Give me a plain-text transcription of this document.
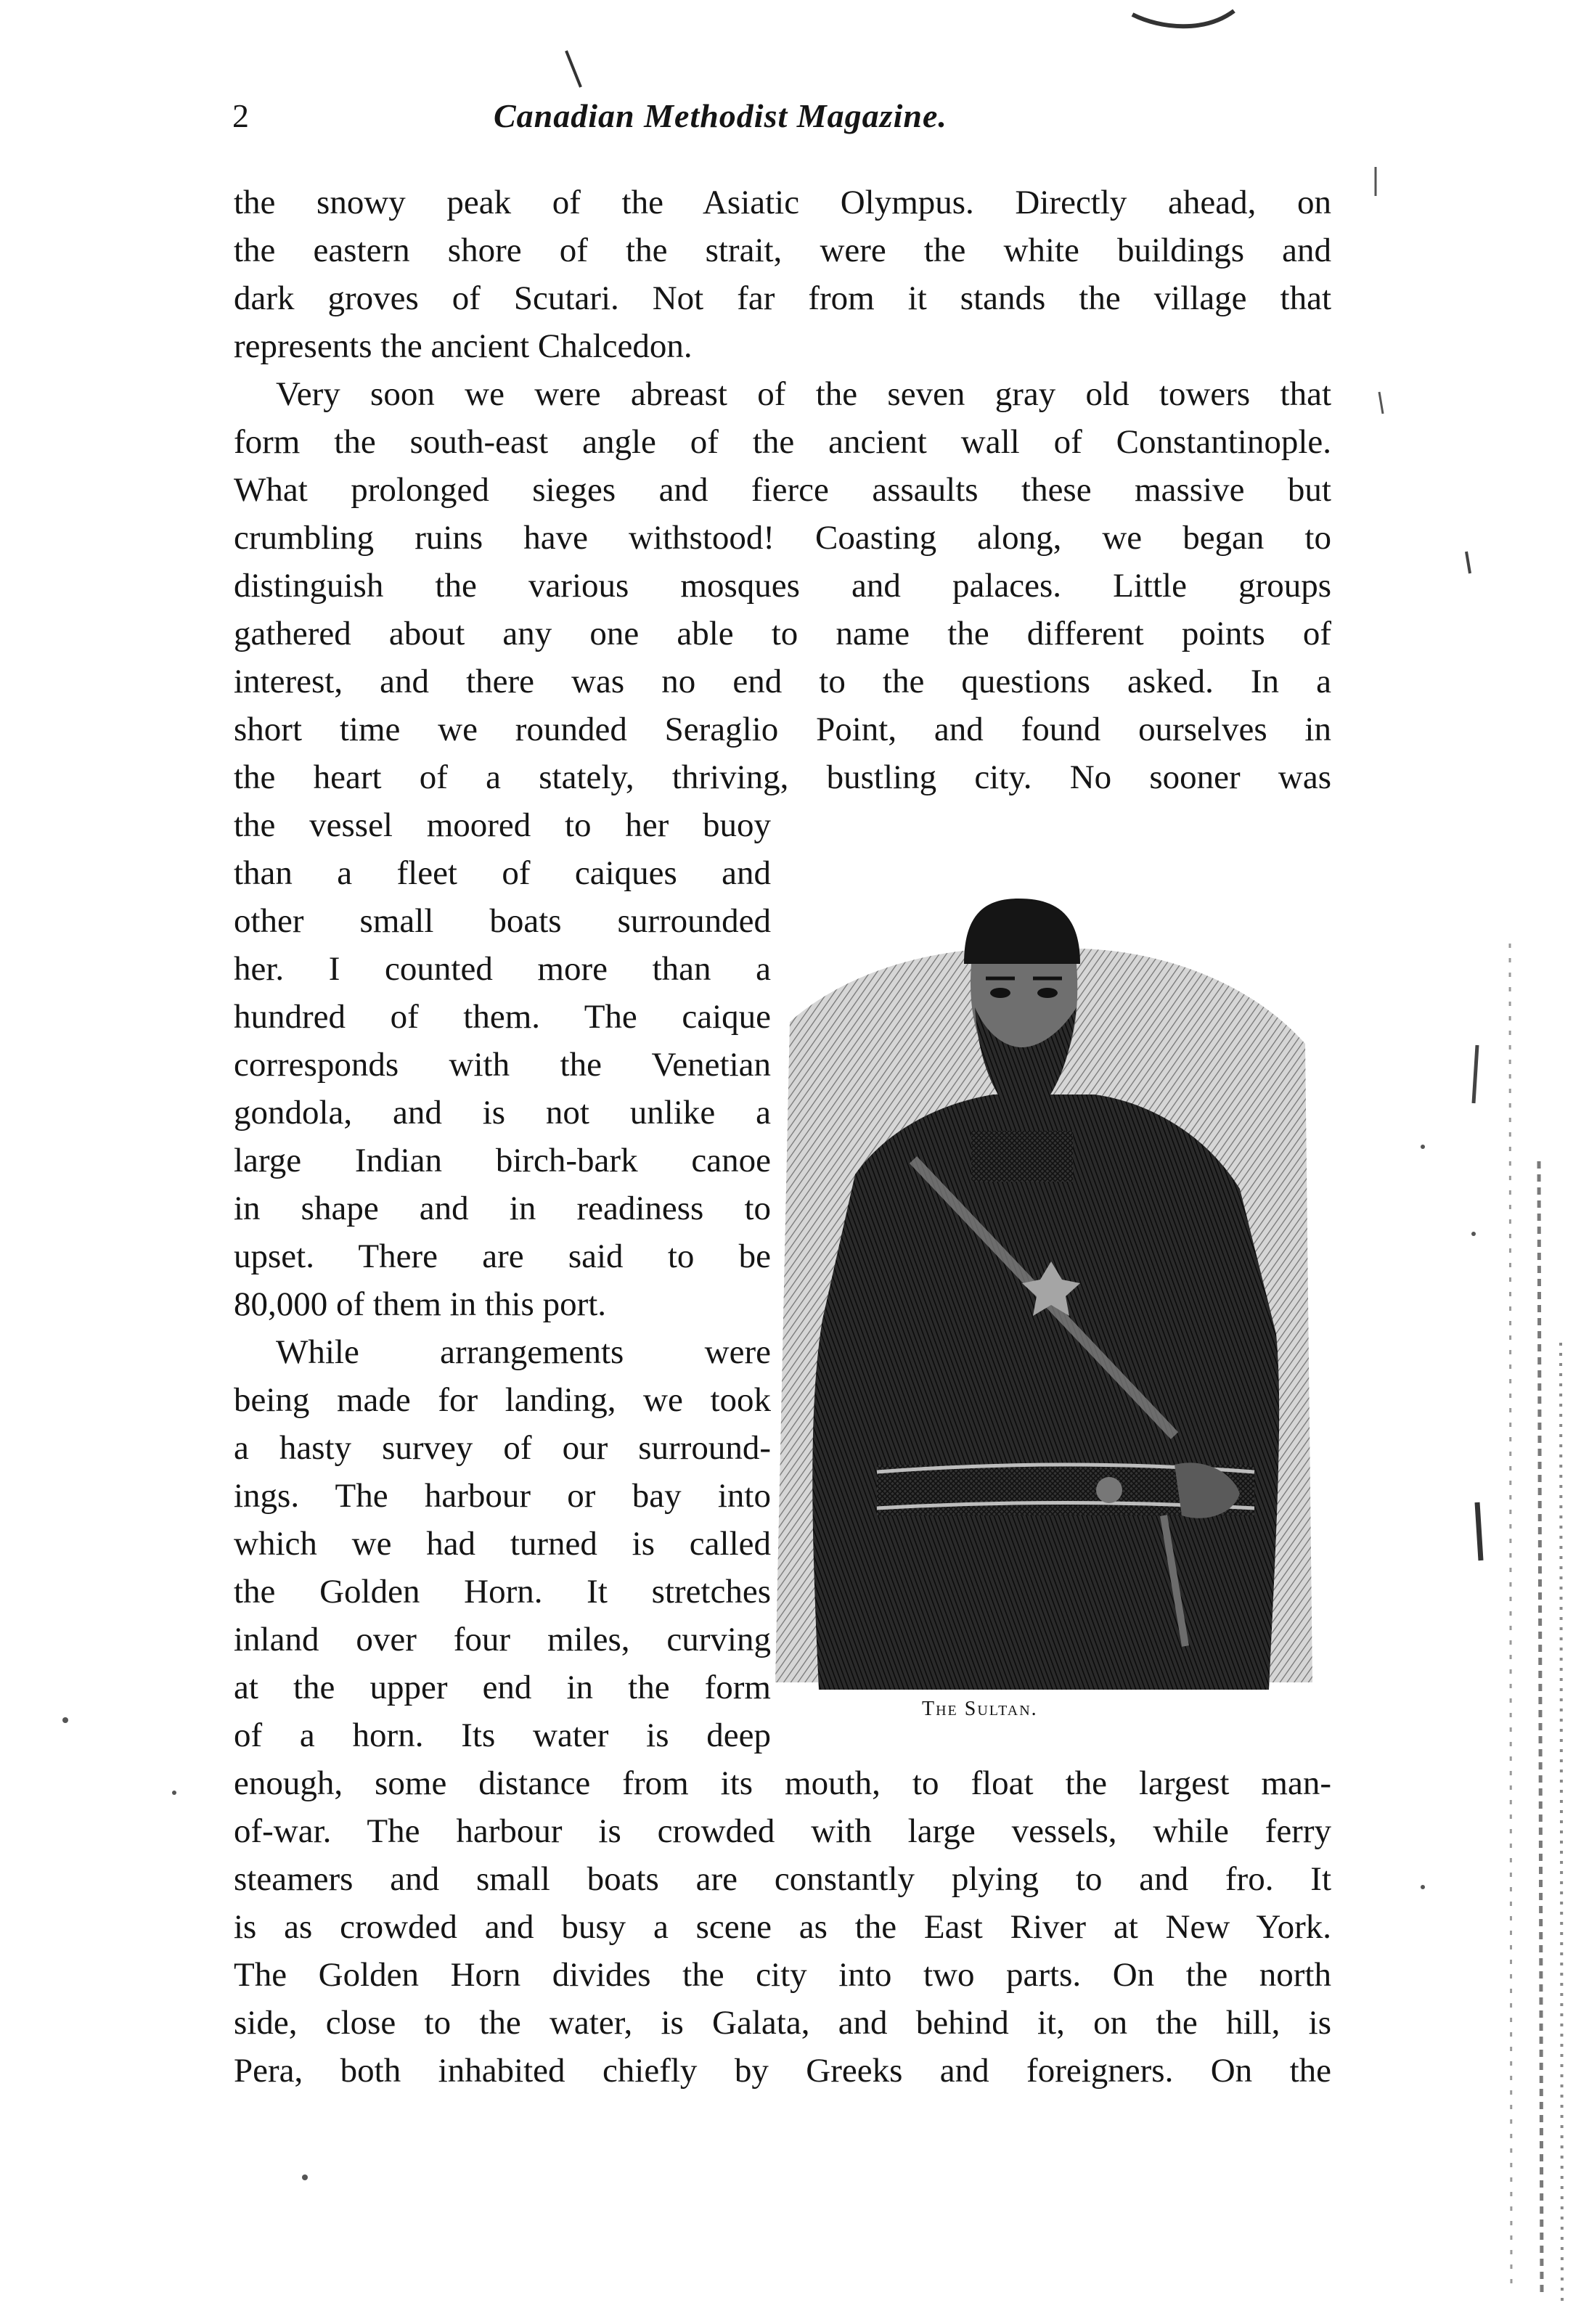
2	Canadian Methodist Magazine.
the snowy peak of the Asiatic Olympus. Directly ahead, on
the eastern shore of the strait, were the white buildings and
dark groves of Scutari. Not far from it stands the village that
represents the ancient Chalcedon.
Very soon we were abreast of the seven gray old towers that
form the south-east angle of the ancient wall of Constantinople.
What prolonged sieges and fierce assaults these massive but
crumbling ruins have withstood! Coasting along, we began to
distinguish the various mosques and palaces. Little groups
gathered about any one able to name the different points of
interest, and there was no end to the questions asked. In a
short time we rounded Seraglio Point, and found ourselves in
the heart of a stately, thriving, bustling city. No sooner was
the vessel moored to her buoy
than a fleet of caiques and
other small boats surrounded
her. I counted more than a
hundred of them. The caique
corresponds with the Venetian
gondola, and is not unlike a
large Indian birch-bark canoe
in shape and in readiness to
upset. There are said to be
80,000 of them in this port.
While arrangements were
being made for landing, we took
a hasty survey of our surround-
ings. The harbour or bay into
which we had turned is called
the Golden Horn. It stretches
inland over four miles, curving
at the upper end in the form
of a horn. Its water is deep
enough, some distance from its mouth, to float the largest man-
of-war. The harbour is crowded with large vessels, while ferry
steamers and small boats are constantly plying to and fro. It
is as crowded and busy a scene as the East River at New York.
The Golden Horn divides the city into two parts. On the north
side, close to the water, is Galata, and behind it, on the hill, is
Pera, both inhabited chiefly by Greeks and foreigners. On the
The Sultan.
